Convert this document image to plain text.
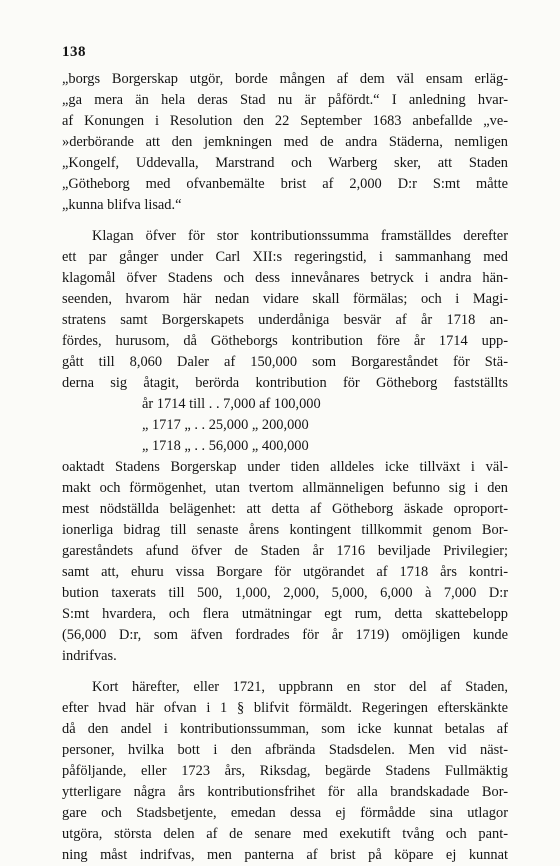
138
„borgs Borgerskap utgör, borde mången af dem väl ensam erläg-
„ga mera än hela deras Stad nu är påfördt.“ I anledning hvar-
af Konungen i Resolution den 22 September 1683 anbefallde „ve-
»derbörande att den jemkningen med de andra Städerna, nemligen
„Kongelf, Uddevalla, Marstrand och Warberg sker, att Staden
„Götheborg med ofvanbemälte brist af 2,000 D:r S:mt måtte
„kunna blifva lisad.“
Klagan öfver för stor kontributionssumma framställdes derefter
ett par gånger under Carl XII:s regeringstid, i sammanhang med
klagomål öfver Stadens och dess innevånares betryck i andra hän-
seenden, hvarom här nedan vidare skall förmälas; och i Magi-
stratens samt Borgerskapets underdåniga besvär af år 1718 an-
fördes, hurusom, då Götheborgs kontribution före år 1714 upp-
gått till 8,060 Daler af 150,000 som Borgareståndet för Stä-
derna sig åtagit, berörda kontribution för Götheborg fastställts
år 1714 till . . 7,000 af 100,000
„ 1717 „ . . 25,000 „ 200,000
„ 1718 „ . . 56,000 „ 400,000
oaktadt Stadens Borgerskap under tiden alldeles icke tillväxt i väl-
makt och förmögenhet, utan tvertom allmänneligen befunno sig i den
mest nödställda belägenhet: att detta af Götheborg äskade oproport-
ionerliga bidrag till senaste årens kontingent tillkommit genom Bor-
gareståndets afund öfver de Staden år 1716 beviljade Privilegier;
samt att, ehuru vissa Borgare för utgörandet af 1718 års kontri-
bution taxerats till 500, 1,000, 2,000, 5,000, 6,000 à 7,000 D:r
S:mt hvardera, och flera utmätningar egt rum, detta skattebelopp
(56,000 D:r, som äfven fordrades för år 1719) omöjligen kunde
indrifvas.
Kort härefter, eller 1721, uppbrann en stor del af Staden,
efter hvad här ofvan i 1 § blifvit förmäldt. Regeringen efterskänkte
då den andel i kontributionssumman, som icke kunnat betalas af
personer, hvilka bott i den afbrända Stadsdelen. Men vid näst-
påföljande, eller 1723 års, Riksdag, begärde Stadens Fullmäktig
ytterligare några års kontributionsfrihet för alla brandskadade Bor-
gare och Stadsbetjente, emedan dessa ej förmådde sina utlagor
utgöra, största delen af de senare med exekutift tvång och pant-
ning måst indrifvas, men panterna af brist på köpare ej kunnat
